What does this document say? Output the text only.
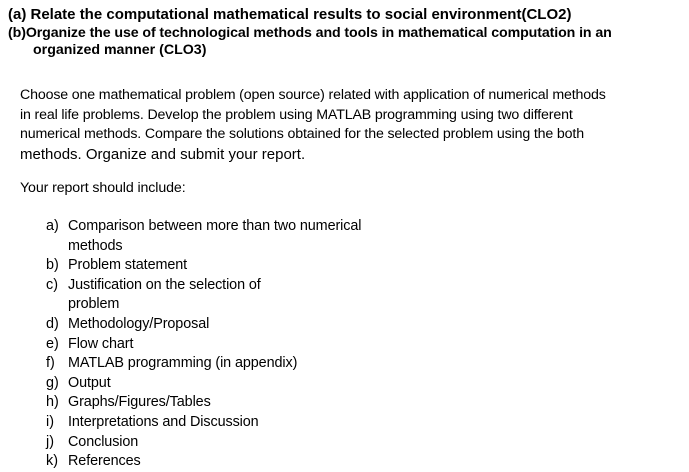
(a) Relate the computational mathematical results to social environment(CLO2)
(b)Organize the use of technological methods and tools in mathematical computation in an
organized manner (CLO3)
Choose one mathematical problem (open source) related with application of numerical methods
in real life problems. Develop the problem using MATLAB programming using two different
numerical methods. Compare the solutions obtained for the selected problem using the both
methods. Organize and submit your report.
Your report should include:
a) Comparison between more than two numerical methods
b) Problem statement
c) Justification on the selection of problem
d) Methodology/Proposal
e) Flow chart
f) MATLAB programming (in appendix)
g) Output
h) Graphs/Figures/Tables
i) Interpretations and Discussion
j) Conclusion
k) References
